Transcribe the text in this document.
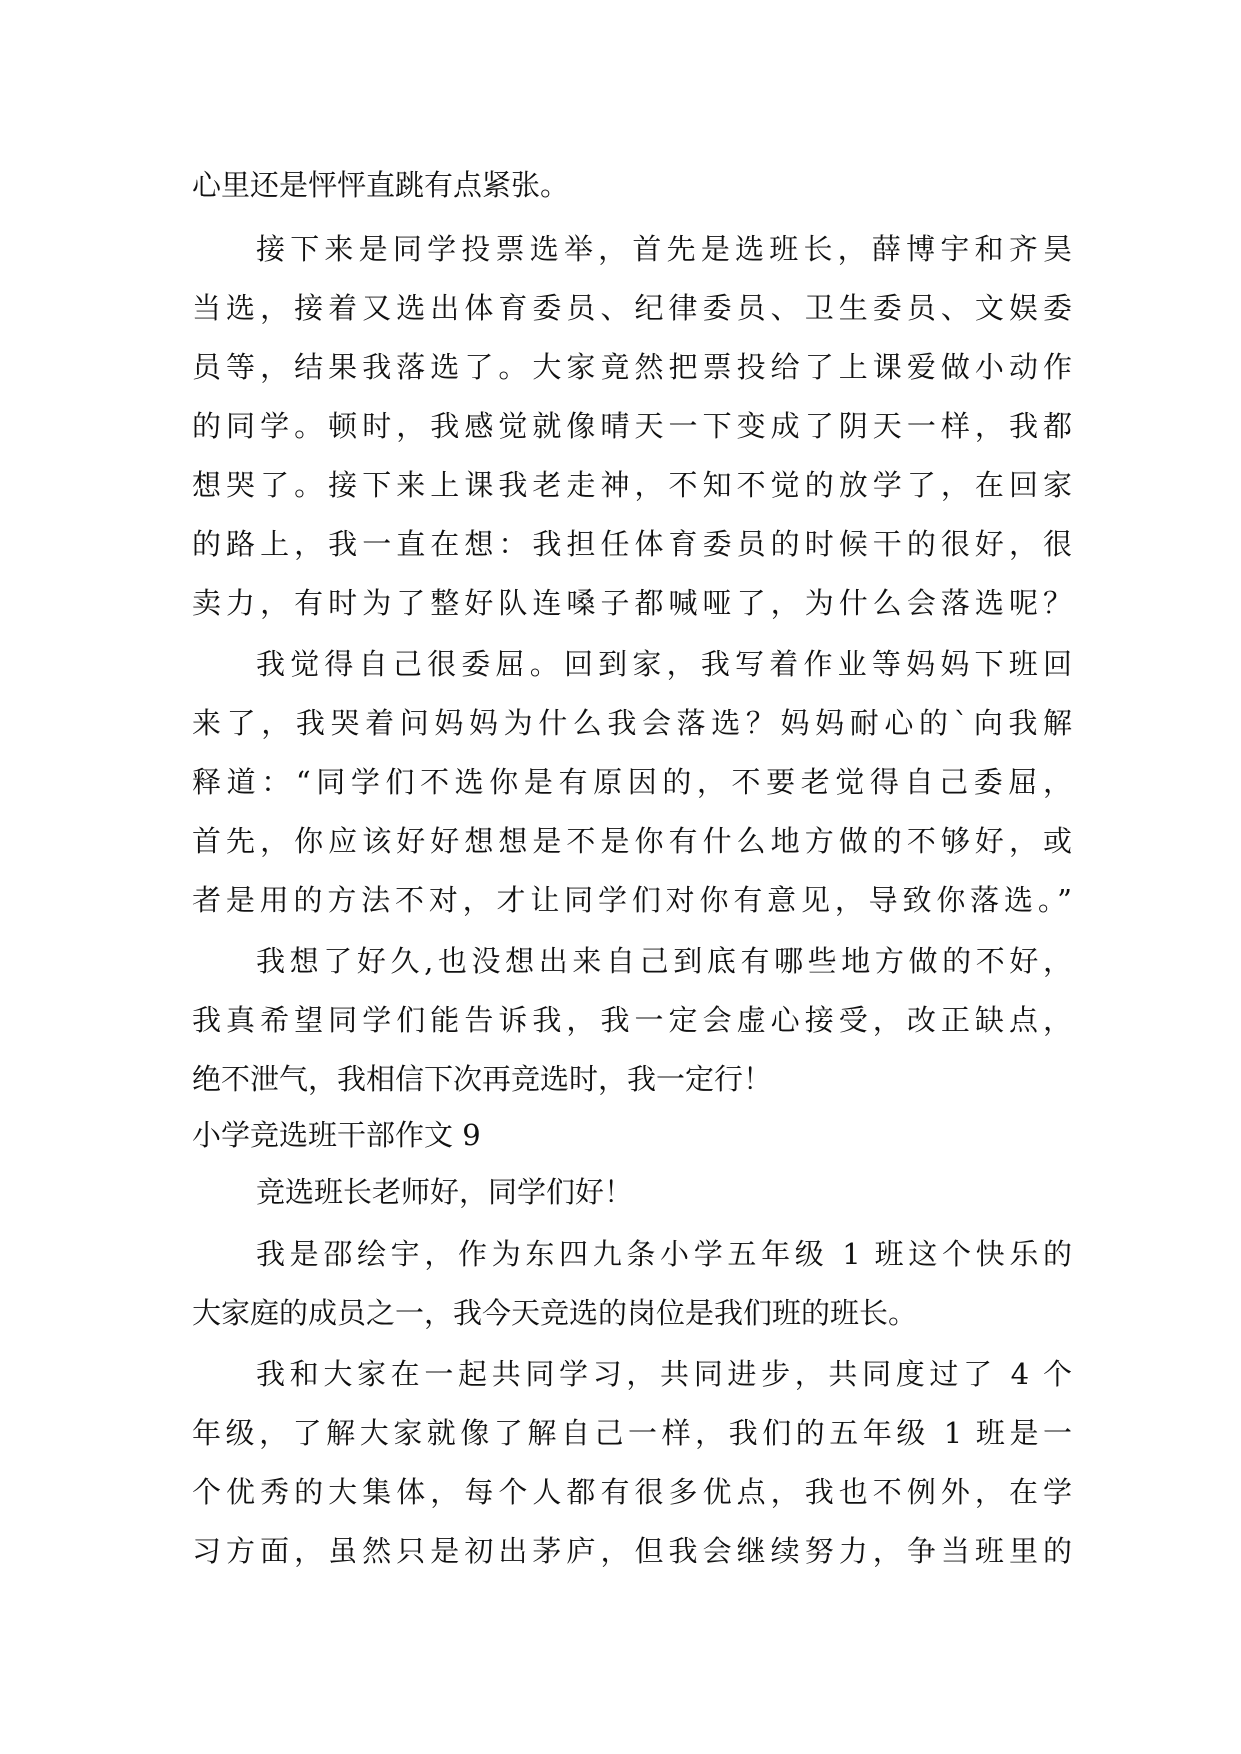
心里还是怦怦直跳有点紧张。

接下来是同学投票选举，首先是选班长，薛博宇和齐昊

当选，接着又选出体育委员、纪律委员、卫生委员、文娱委

员等，结果我落选了。大家竟然把票投给了上课爱做小动作

的同学。顿时，我感觉就像晴天一下变成了阴天一样，我都

想哭了。接下来上课我老走神，不知不觉的放学了，在回家

的路上，我一直在想：我担任体育委员的时候干的很好，很

卖力，有时为了整好队连嗓子都喊哑了，为什么会落选呢？

我觉得自己很委屈。回到家，我写着作业等妈妈下班回

来了，我哭着问妈妈为什么我会落选？妈妈耐心的`向我解

释道：“同学们不选你是有原因的，不要老觉得自己委屈，

首先，你应该好好想想是不是你有什么地方做的不够好，或

者是用的方法不对，才让同学们对你有意见，导致你落选。”

我想了好久,也没想出来自己到底有哪些地方做的不好，

我真希望同学们能告诉我，我一定会虚心接受，改正缺点，

绝不泄气，我相信下次再竞选时，我一定行！

小学竞选班干部作文 9

竞选班长老师好，同学们好！

我是邵绘宇，作为东四九条小学五年级 1 班这个快乐的

大家庭的成员之一，我今天竞选的岗位是我们班的班长。

我和大家在一起共同学习，共同进步，共同度过了 4 个

年级，了解大家就像了解自己一样，我们的五年级 1 班是一

个优秀的大集体，每个人都有很多优点，我也不例外，在学

习方面，虽然只是初出茅庐，但我会继续努力，争当班里的
